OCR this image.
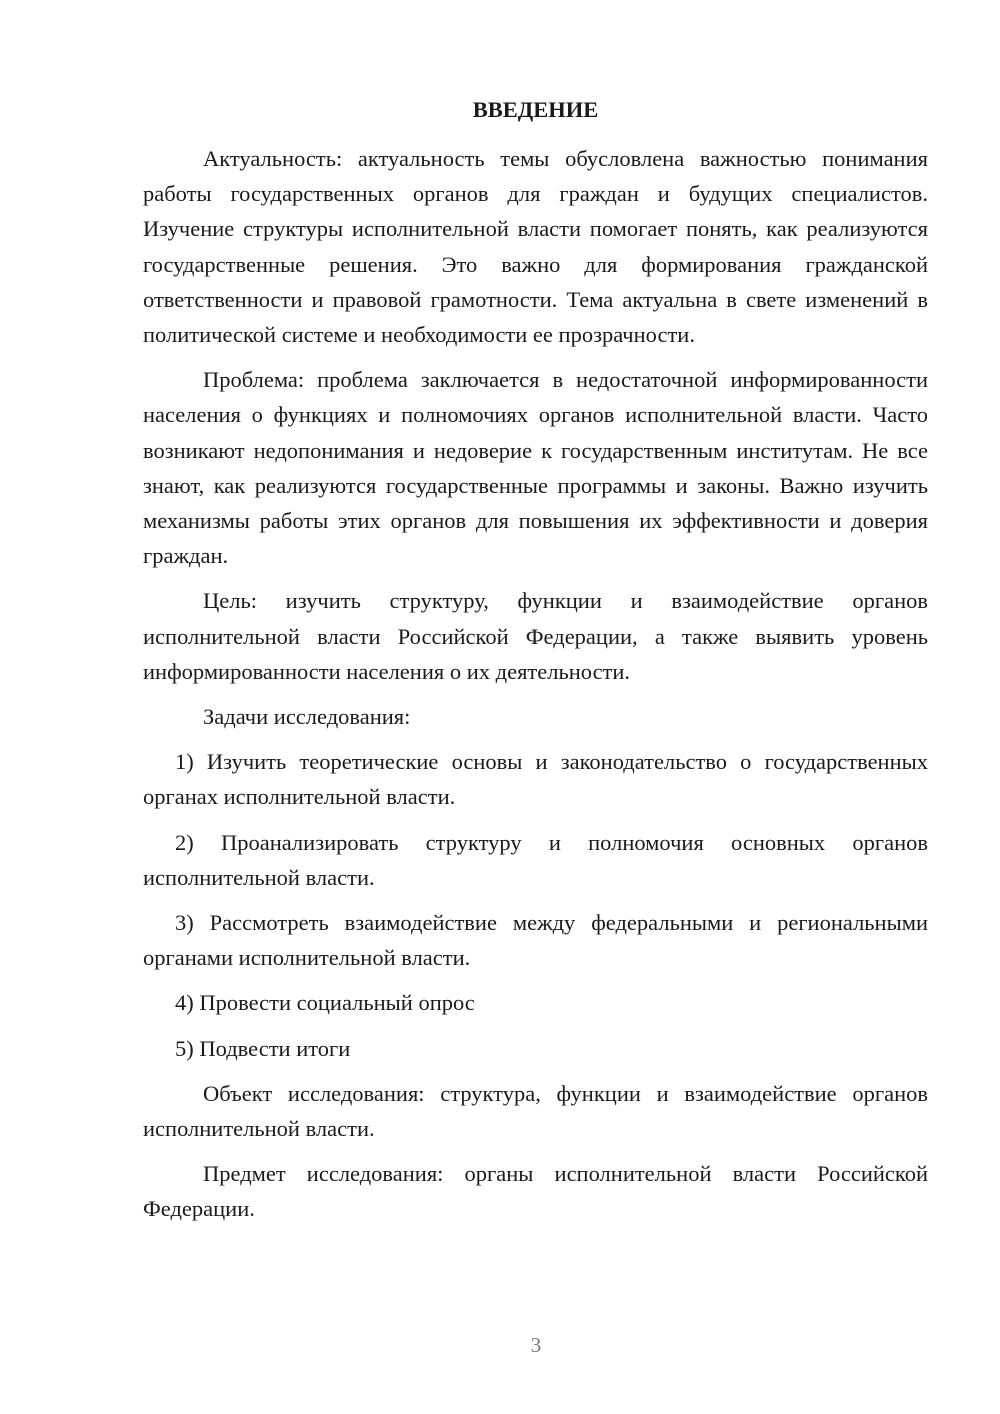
ВВЕДЕНИЕ

Актуальность: актуальность темы обусловлена важностью понимания работы государственных органов для граждан и будущих специалистов. Изучение структуры исполнительной власти помогает понять, как реализуются государственные решения. Это важно для формирования гражданской ответственности и правовой грамотности. Тема актуальна в свете изменений в политической системе и необходимости ее прозрачности.

Проблема: проблема заключается в недостаточной информированности населения о функциях и полномочиях органов исполнительной власти. Часто возникают недопонимания и недоверие к государственным институтам. Не все знают, как реализуются государственные программы и законы. Важно изучить механизмы работы этих органов для повышения их эффективности и доверия граждан.

Цель: изучить структуру, функции и взаимодействие органов исполнительной власти Российской Федерации, а также выявить уровень информированности населения о их деятельности.

Задачи исследования:

1) Изучить теоретические основы и законодательство о государственных органах исполнительной власти.

2) Проанализировать структуру и полномочия основных органов исполнительной власти.

3) Рассмотреть взаимодействие между федеральными и региональными органами исполнительной власти.

4) Провести социальный опрос

5) Подвести итоги

Объект исследования: структура, функции и взаимодействие органов исполнительной власти.

Предмет исследования: органы исполнительной власти Российской Федерации.

3
